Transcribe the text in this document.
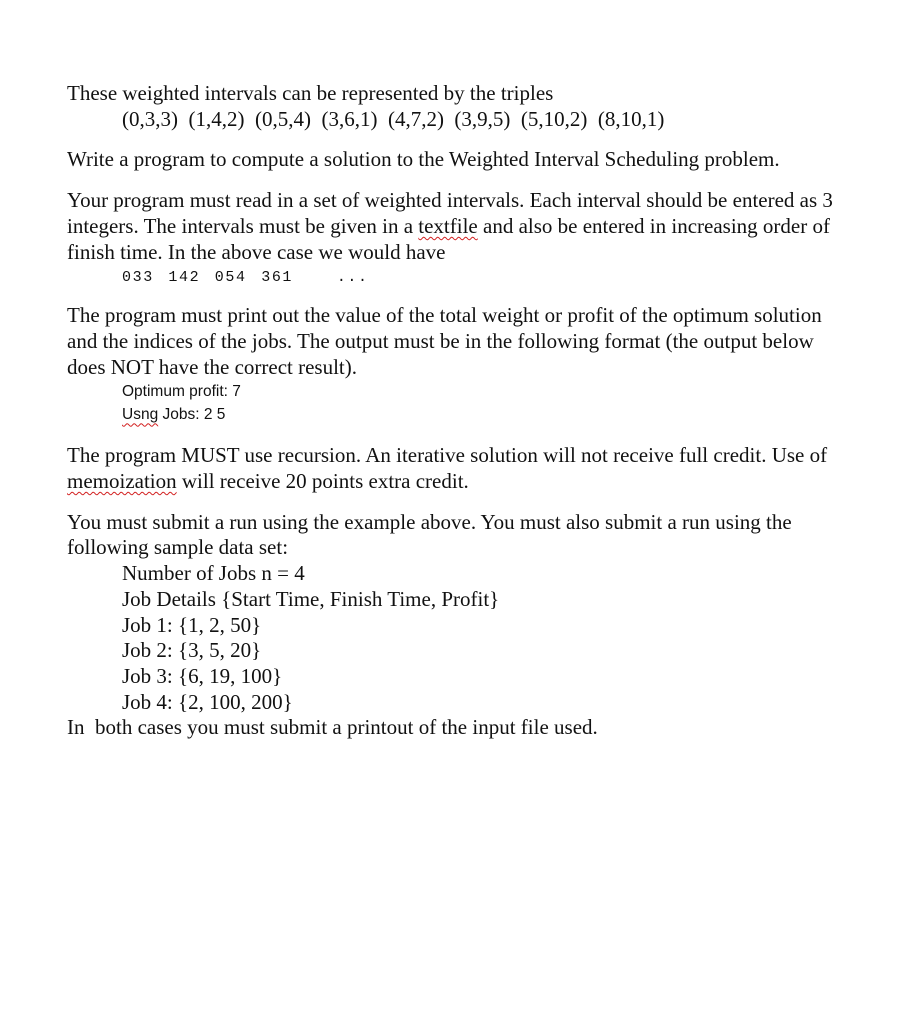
These weighted intervals can be represented by the triples
(0,3,3)  (1,4,2)  (0,5,4)  (3,6,1)  (4,7,2)  (3,9,5)  (5,10,2)  (8,10,1)
Write a program to compute a solution to the Weighted Interval Scheduling problem.
Your program must read in a set of weighted intervals. Each interval should be entered as 3 integers. The intervals must be given in a textfile and also be entered in increasing order of finish time. In the above case we would have
033 142 054 361   ...
The program must print out the value of the total weight or profit of the optimum solution and the indices of the jobs. The output must be in the following format (the output below does NOT have the correct result).
Optimum profit: 7
Usng Jobs: 2 5
The program MUST use recursion. An iterative solution will not receive full credit. Use of memoization will receive 20 points extra credit.
You must submit a run using the example above. You must also submit a run using the following sample data set:
Number of Jobs n = 4
Job Details {Start Time, Finish Time, Profit}
Job 1: {1, 2, 50}
Job 2: {3, 5, 20}
Job 3: {6, 19, 100}
Job 4: {2, 100, 200}
In  both cases you must submit a printout of the input file used.
